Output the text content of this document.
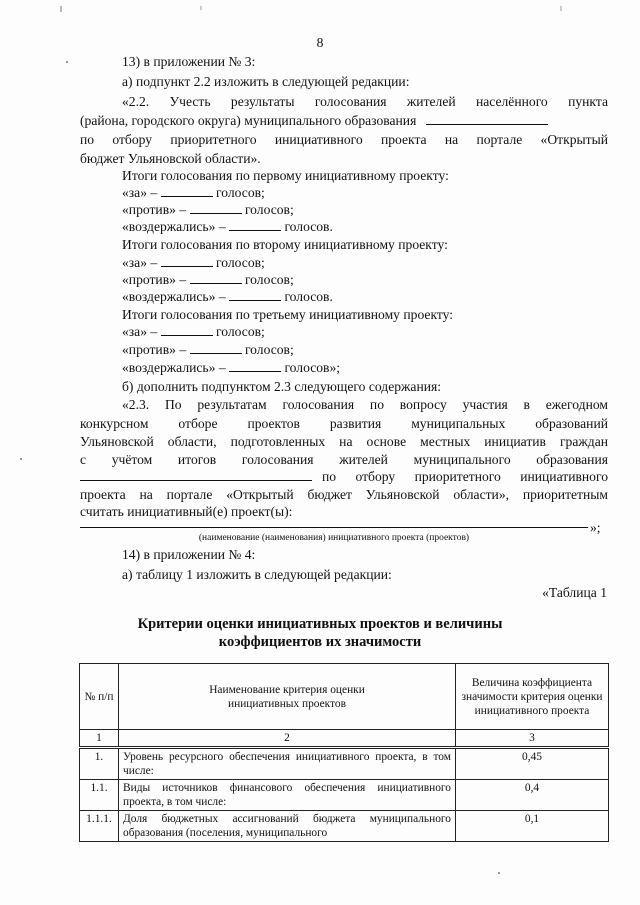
8
13) в приложении № 3:
а) подпункт 2.2 изложить в следующей редакции:
«2.2. Учесть результаты голосования жителей населённого пункта
(района, городского округа) муниципального образования
по отбору приоритетного инициативного проекта на портале «Открытый
бюджет Ульяновской области».
Итоги голосования по первому инициативному проекту:
«за» –	голосов;
«против» –	голосов;
«воздержались» –	голосов.
Итоги голосования по второму инициативному проекту:
«за» –	голосов;
«против» –	голосов;
«воздержались» –	голосов.
Итоги голосования по третьему инициативному проекту:
«за» –	голосов;
«против» –	голосов;
«воздержались» –	голосов»;
б) дополнить подпунктом 2.3 следующего содержания:
«2.3. По результатам голосования по вопросу участия в ежегодном
конкурсном отборе проектов развития муниципальных образований
Ульяновской области, подготовленных на основе местных инициатив граждан
с учётом итогов голосования жителей муниципального образования
по отбору приоритетного инициативного
проекта на портале «Открытый бюджет Ульяновской области», приоритетным
считать инициативный(е) проект(ы):
»;
(наименование (наименования) инициативного проекта (проектов)
14) в приложении № 4:
а) таблицу 1 изложить в следующей редакции:
«Таблица 1
Критерии оценки инициативных проектов и величины
коэффициентов их значимости
№ п/п	Наименование критерия оценки инициативных проектов	Величина коэффициента значимости критерия оценки инициативного проекта
1	2	3
1.	Уровень ресурсного обеспечения инициативного проекта, в том числе:	0,45
1.1.	Виды источников финансового обеспечения инициативного проекта, в том числе:	0,4
1.1.1.	Доля бюджетных ассигнований бюджета муниципального образования (поселения, муниципального	0,1
